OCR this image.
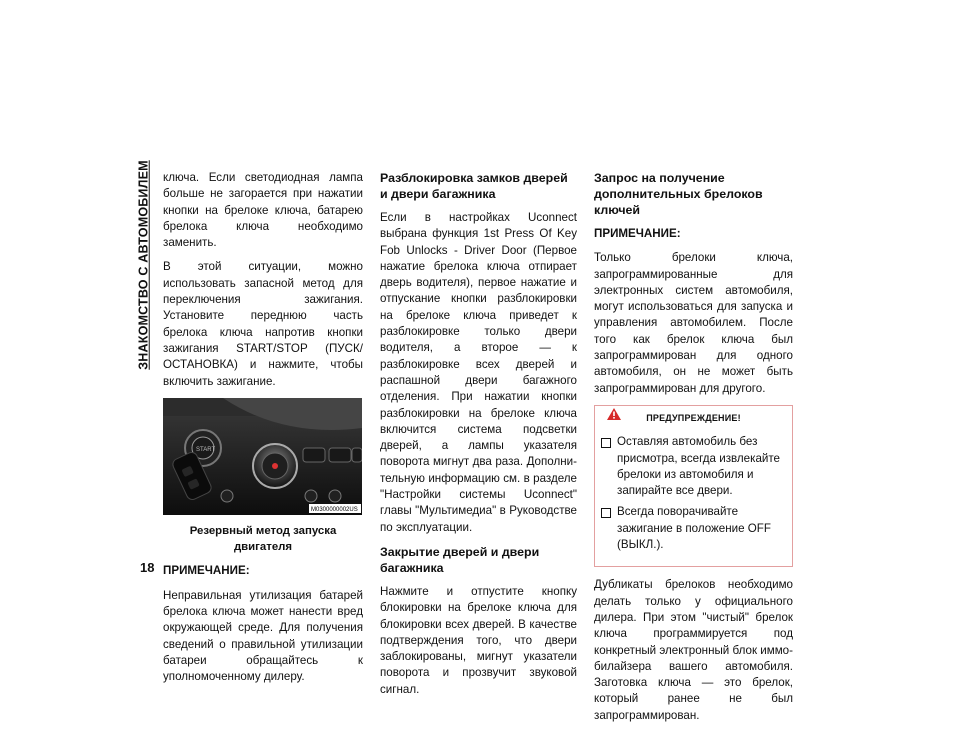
ЗНАКОМСТВО С АВТОМОБИЛЕМ
18

ключа. Если светодиодная лампа больше не загорается при нажатии кнопки на брелоке ключа, батарею брелока ключа необходимо заменить.

В этой ситуации, можно использовать запасной метод для переключения зажигания. Установите переднюю часть брелока ключа напротив кнопки зажигания START/STOP (ПУСК/ОСТАНОВКА) и нажмите, чтобы включить зажигание.

START
M0300000002US

Резервный метод запуска двигателя

ПРИМЕЧАНИЕ:

Неправильная утилизация батарей брелока ключа может нанести вред окружающей среде. Для получения сведений о правильной утилизации батареи обращайтесь к уполномоченному дилеру.

Разблокировка замков дверей и двери багажника

Если в настройках Uconnect выбрана функция 1st Press Of Key Fob Unlocks - Driver Door (Первое нажатие брелока ключа отпирает дверь водителя), первое нажатие и отпускание кнопки разблокировки на брелоке ключа приведет к разблокировке только двери водителя, а второе — к разблокировке всех дверей и распашной двери багажного отделения. При нажатии кнопки разблокировки на брелоке ключа включится система подсветки дверей, а лампы указателя поворота мигнут два раза. Дополнительную информацию см. в разделе "Настройки системы Uconnect" главы "Мультимедиа" в Руководстве по эксплуатации.

Закрытие дверей и двери багажника

Нажмите и отпустите кнопку блокировки на брелоке ключа для блокировки всех дверей. В качестве подтверждения того, что двери заблокированы, мигнут указатели поворота и прозвучит звуковой сигнал.

Запрос на получение дополнительных брелоков ключей

ПРИМЕЧАНИЕ:

Только брелоки ключа, запрограммированные для электронных систем автомобиля, могут использоваться для запуска и управления автомобилем. После того как брелок ключа был запрограммирован для одного автомобиля, он не может быть запрограммирован для другого.

ПРЕДУПРЕЖДЕНИЕ!
Оставляя автомобиль без присмотра, всегда извлекайте брелоки из автомобиля и запирайте все двери.
Всегда поворачивайте зажигание в положение OFF (ВЫКЛ.).

Дубликаты брелоков необходимо делать только у официального дилера. При этом "чистый" брелок ключа программируется под конкретный электронный блок иммобилайзера вашего автомобиля. Заготовка ключа — это брелок, который ранее не был запрограммирован.
